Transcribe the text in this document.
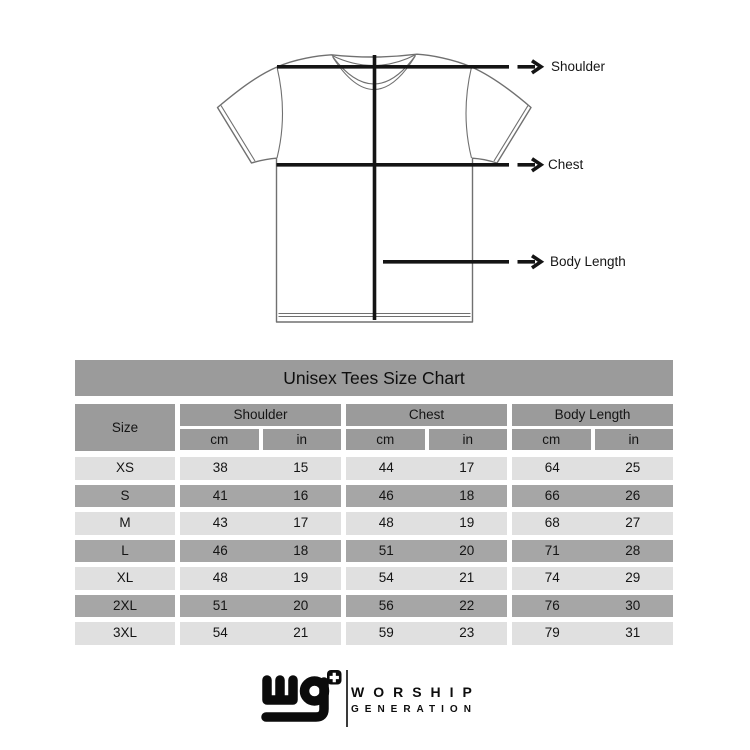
Shoulder
Chest
Body Length
Unisex Tees Size Chart
Size
Shoulder
cm	in
Chest
cm	in
Body Length
cm	in
XS	38	15	44	17	64	25
S	41	16	46	18	66	26
M	43	17	48	19	68	27
L	46	18	51	20	71	28
XL	48	19	54	21	74	29
2XL	51	20	56	22	76	30
3XL	54	21	59	23	79	31
WORSHIP
GENERATION
